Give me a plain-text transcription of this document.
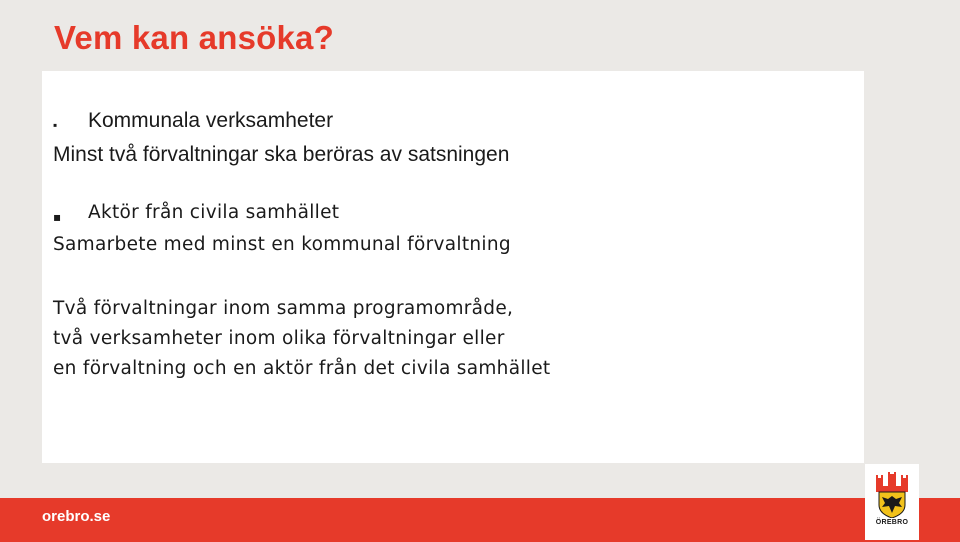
Vem kan ansöka?
▪ Kommunala verksamheter
Minst två förvaltningar ska beröras av satsningen
▪ Aktör från civila samhället
Samarbete med minst en kommunal förvaltning
Två förvaltningar inom samma programområde,
två verksamheter inom olika förvaltningar eller
en förvaltning och en aktör från det civila samhället
orebro.se	ÖREBRO
